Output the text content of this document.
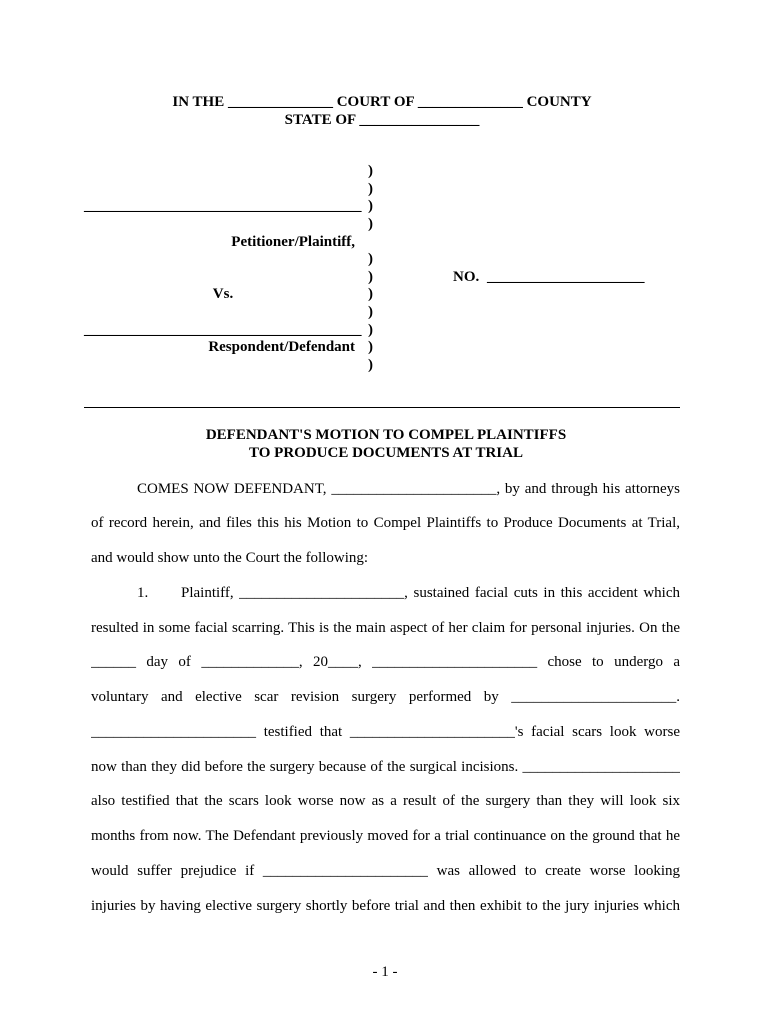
IN THE ______________ COURT OF ______________ COUNTY
STATE OF ________________
)
)
_____________________________________ )
)
Petitioner/Plaintiff,
)
)	NO. _____________________
Vs.	)
)
_____________________________________ )
Respondent/Defendant )
)
DEFENDANT'S MOTION TO COMPEL PLAINTIFFS
TO PRODUCE DOCUMENTS AT TRIAL
COMES NOW DEFENDANT, ______________________, by and through his attorneys
of record herein, and files this his Motion to Compel Plaintiffs to Produce Documents at Trial,
and would show unto the Court the following:
1.	Plaintiff, ______________________, sustained facial cuts in this accident which
resulted in some facial scarring. This is the main aspect of her claim for personal injuries. On the
______ day of _____________, 20____, ______________________ chose to undergo a
voluntary and elective scar revision surgery performed by ______________________.
______________________ testified that ______________________'s facial scars look worse
now than they did before the surgery because of the surgical incisions. _____________________
also testified that the scars look worse now as a result of the surgery than they will look six
months from now. The Defendant previously moved for a trial continuance on the ground that he
would suffer prejudice if ______________________ was allowed to create worse looking
injuries by having elective surgery shortly before trial and then exhibit to the jury injuries which
- 1 -
